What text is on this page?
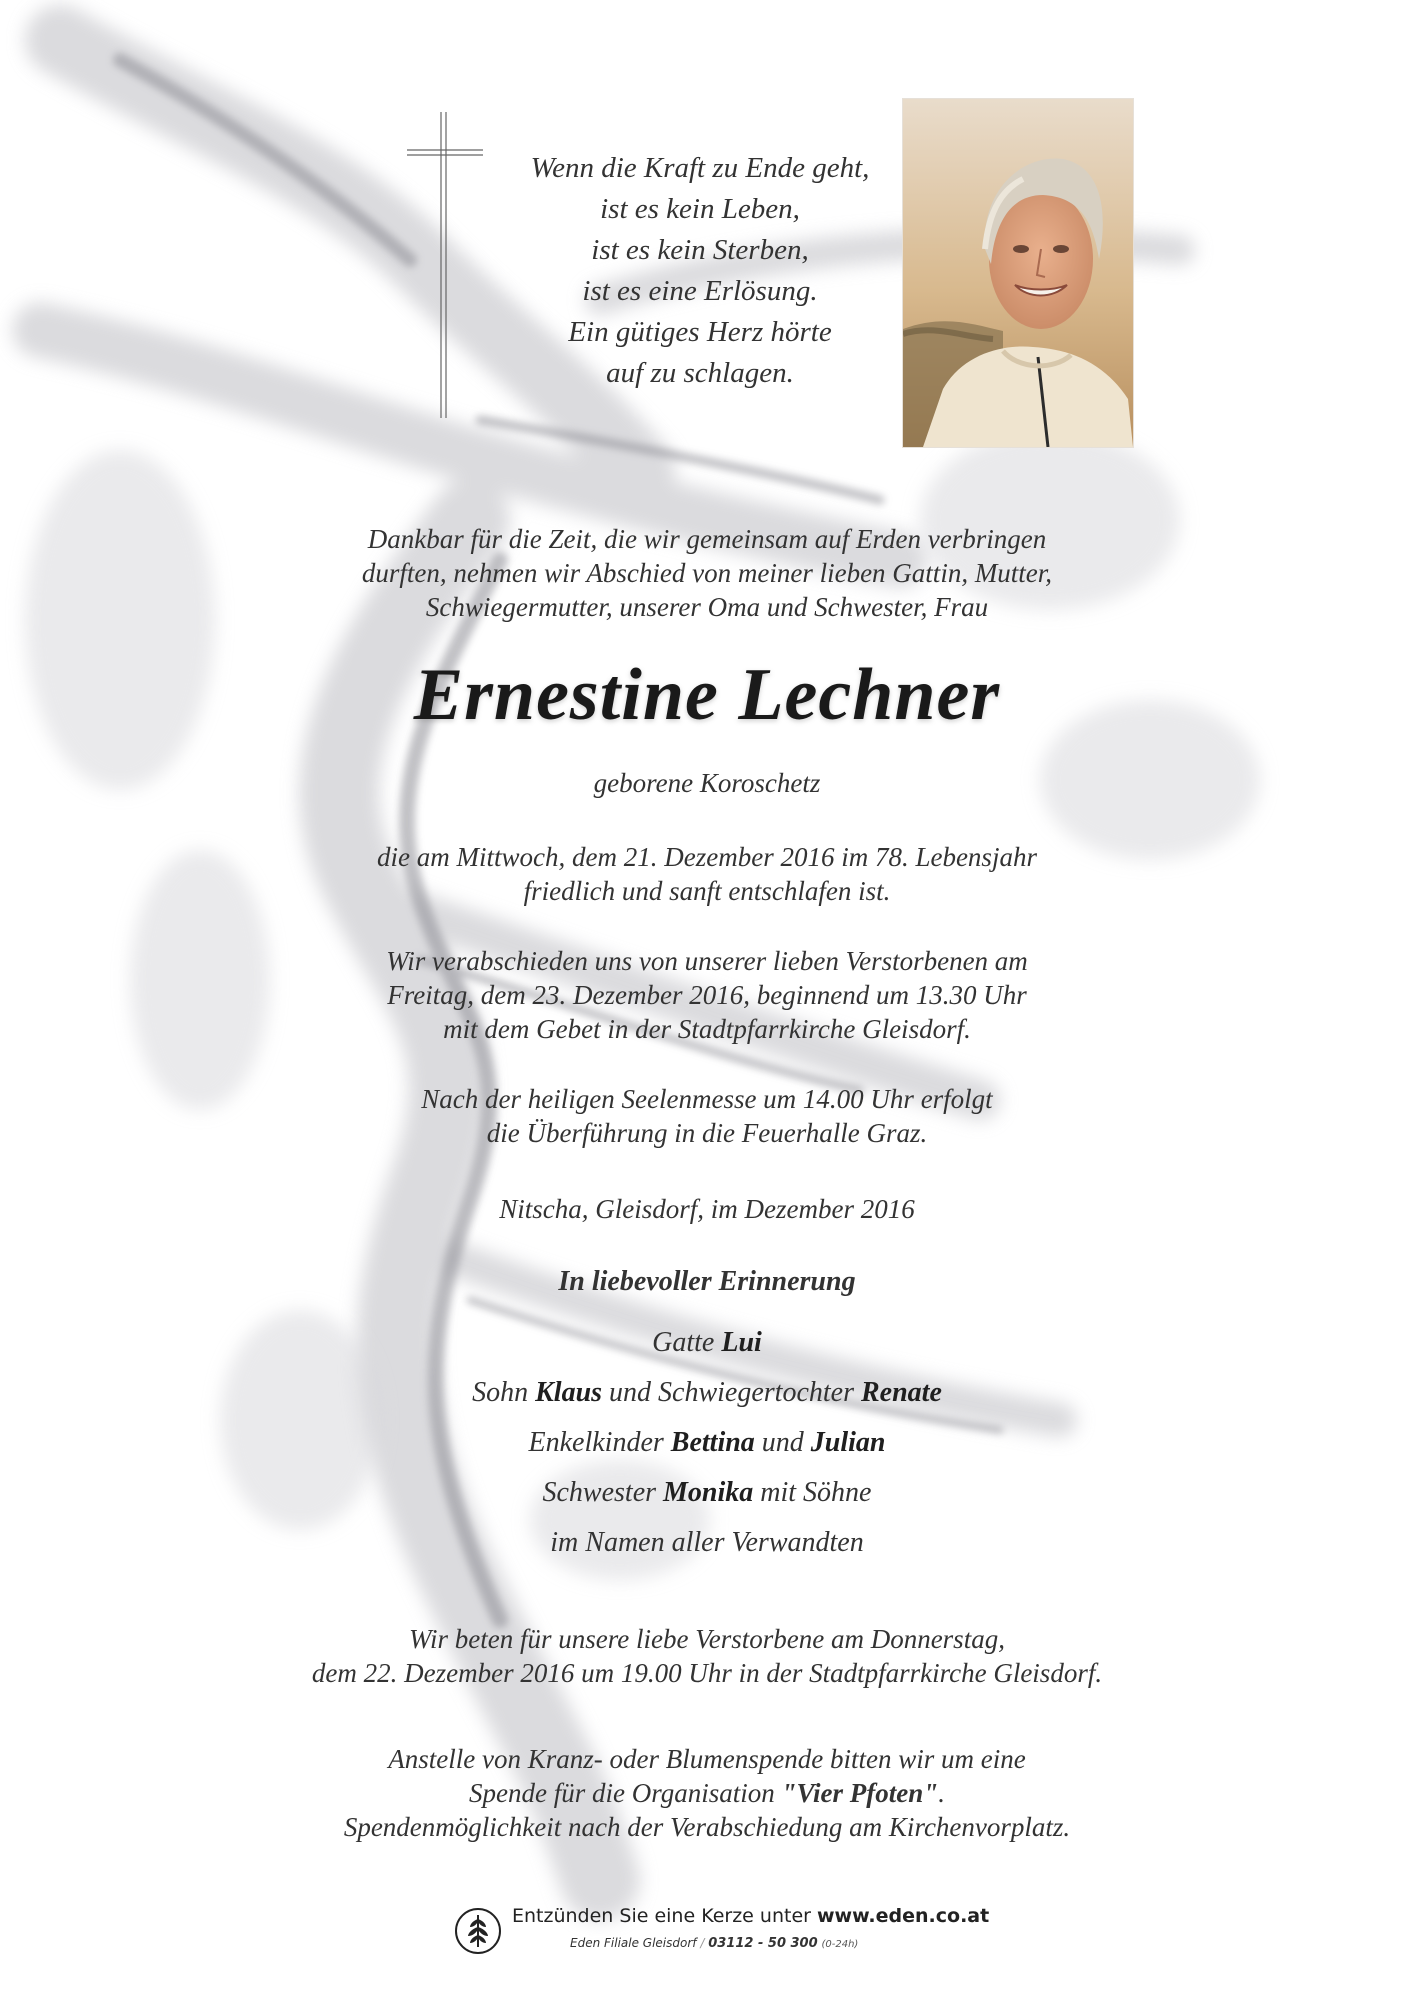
Wenn die Kraft zu Ende geht,
ist es kein Leben,
ist es kein Sterben,
ist es eine Erlösung.
Ein gütiges Herz hörte
auf zu schlagen.
Dankbar für die Zeit, die wir gemeinsam auf Erden verbringen
durften, nehmen wir Abschied von meiner lieben Gattin, Mutter,
Schwiegermutter, unserer Oma und Schwester, Frau
Ernestine Lechner
geborene Koroschetz
die am Mittwoch, dem 21. Dezember 2016 im 78. Lebensjahr
friedlich und sanft entschlafen ist.
Wir verabschieden uns von unserer lieben Verstorbenen am
Freitag, dem 23. Dezember 2016, beginnend um 13.30 Uhr
mit dem Gebet in der Stadtpfarrkirche Gleisdorf.
Nach der heiligen Seelenmesse um 14.00 Uhr erfolgt
die Überführung in die Feuerhalle Graz.
Nitscha, Gleisdorf, im Dezember 2016
In liebevoller Erinnerung
Gatte Lui
Sohn Klaus und Schwiegertochter Renate
Enkelkinder Bettina und Julian
Schwester Monika mit Söhne
im Namen aller Verwandten
Wir beten für unsere liebe Verstorbene am Donnerstag,
dem 22. Dezember 2016 um 19.00 Uhr in der Stadtpfarrkirche Gleisdorf.
Anstelle von Kranz- oder Blumenspende bitten wir um eine
Spende für die Organisation "Vier Pfoten".
Spendenmöglichkeit nach der Verabschiedung am Kirchenvorplatz.
Entzünden Sie eine Kerze unter www.eden.co.at
Eden Filiale Gleisdorf / 03112 - 50 300 (0-24h)
